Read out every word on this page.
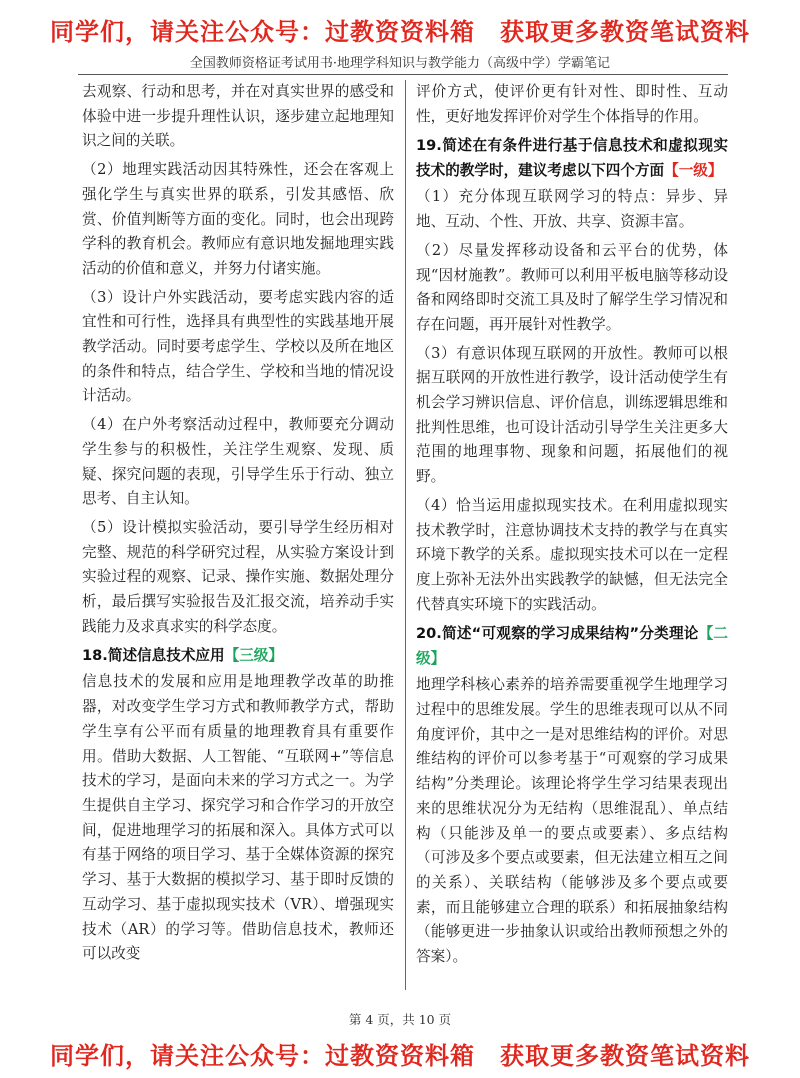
同学们，请关注公众号：过教资资料箱　获取更多教资笔试资料
全国教师资格证考试用书·地理学科知识与教学能力（高级中学）学霸笔记

去观察、行动和思考，并在对真实世界的感受和体验中进一步提升理性认识，逐步建立起地理知识之间的关联。

（2）地理实践活动因其特殊性，还会在客观上强化学生与真实世界的联系，引发其感悟、欣赏、价值判断等方面的变化。同时，也会出现跨学科的教育机会。教师应有意识地发掘地理实践活动的价值和意义，并努力付诸实施。

（3）设计户外实践活动，要考虑实践内容的适宜性和可行性，选择具有典型性的实践基地开展教学活动。同时要考虑学生、学校以及所在地区的条件和特点，结合学生、学校和当地的情况设计活动。

（4）在户外考察活动过程中，教师要充分调动学生参与的积极性，关注学生观察、发现、质疑、探究问题的表现，引导学生乐于行动、独立思考、自主认知。

（5）设计模拟实验活动，要引导学生经历相对完整、规范的科学研究过程，从实验方案设计到实验过程的观察、记录、操作实施、数据处理分析，最后撰写实验报告及汇报交流，培养动手实践能力及求真求实的科学态度。

18.简述信息技术应用【三级】

信息技术的发展和应用是地理教学改革的助推器，对改变学生学习方式和教师教学方式，帮助学生享有公平而有质量的地理教育具有重要作用。借助大数据、人工智能、“互联网+”等信息技术的学习，是面向未来的学习方式之一。为学生提供自主学习、探究学习和合作学习的开放空间，促进地理学习的拓展和深入。具体方式可以有基于网络的项目学习、基于全媒体资源的探究学习、基于大数据的模拟学习、基于即时反馈的互动学习、基于虚拟现实技术（VR）、增强现实技术（AR）的学习等。借助信息技术，教师还可以改变

评价方式，使评价更有针对性、即时性、互动性，更好地发挥评价对学生个体指导的作用。

19.简述在有条件进行基于信息技术和虚拟现实技术的教学时，建议考虑以下四个方面【一级】

（1）充分体现互联网学习的特点：异步、异地、互动、个性、开放、共享、资源丰富。

（2）尽量发挥移动设备和云平台的优势，体现“因材施教”。教师可以利用平板电脑等移动设备和网络即时交流工具及时了解学生学习情况和存在问题，再开展针对性教学。

（3）有意识体现互联网的开放性。教师可以根据互联网的开放性进行教学，设计活动使学生有机会学习辨识信息、评价信息，训练逻辑思维和批判性思维，也可设计活动引导学生关注更多大范围的地理事物、现象和问题，拓展他们的视野。

（4）恰当运用虚拟现实技术。在利用虚拟现实技术教学时，注意协调技术支持的教学与在真实环境下教学的关系。虚拟现实技术可以在一定程度上弥补无法外出实践教学的缺憾，但无法完全代替真实环境下的实践活动。

20.简述“可观察的学习成果结构”分类理论【二级】

地理学科核心素养的培养需要重视学生地理学习过程中的思维发展。学生的思维表现可以从不同角度评价，其中之一是对思维结构的评价。对思维结构的评价可以参考基于“可观察的学习成果结构”分类理论。该理论将学生学习结果表现出来的思维状况分为无结构（思维混乱）、单点结构（只能涉及单一的要点或要素）、多点结构（可涉及多个要点或要素，但无法建立相互之间的关系）、关联结构（能够涉及多个要点或要素，而且能够建立合理的联系）和拓展抽象结构（能够更进一步抽象认识或给出教师预想之外的答案）。

第 4 页，共 10 页
同学们，请关注公众号：过教资资料箱　获取更多教资笔试资料
